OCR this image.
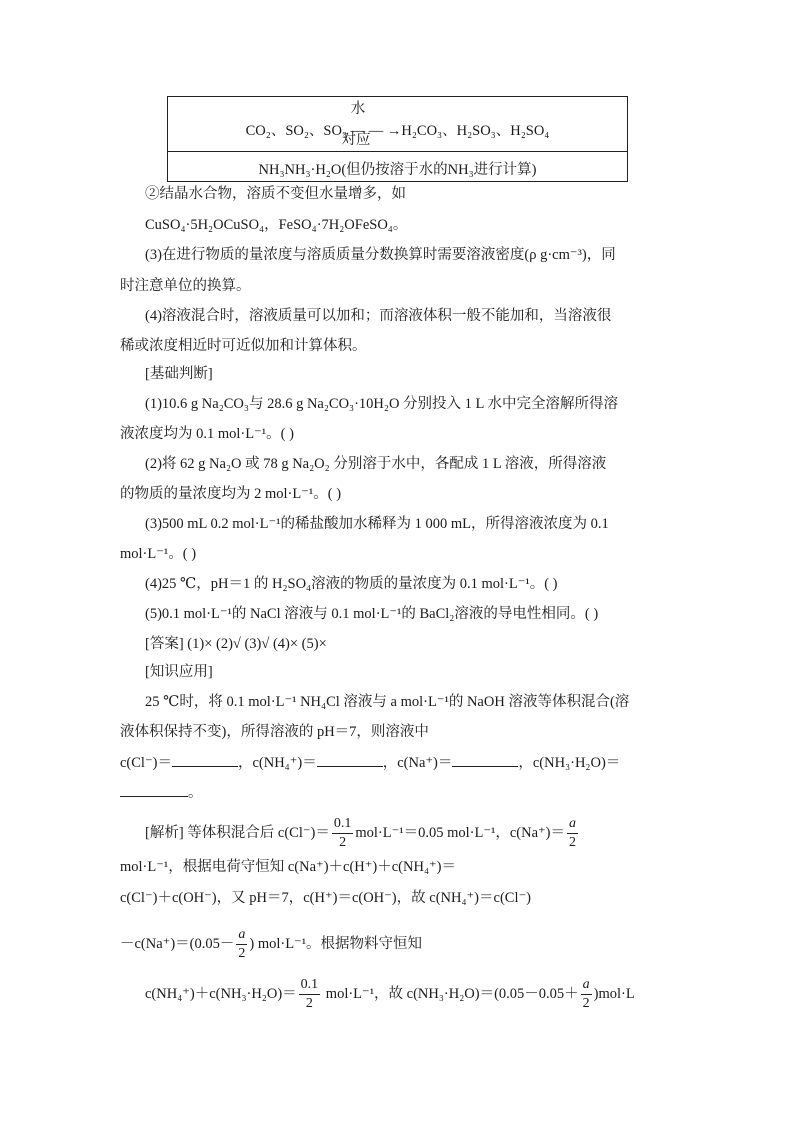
水
CO₂、SO₂、SO₃ — — →H₂CO₃、H₂SO₃、H₂SO₄
对应
NH₃NH₃·H₂O(但仍按溶于水的NH₃进行计算)
②结晶水合物，溶质不变但水量增多，如
CuSO₄·5H₂OCuSO₄，FeSO₄·7H₂OFeSO₄。
(3)在进行物质的量浓度与溶质质量分数换算时需要溶液密度(ρ g·cm⁻³)，同
时注意单位的换算。
(4)溶液混合时，溶液质量可以加和；而溶液体积一般不能加和，当溶液很
稀或浓度相近时可近似加和计算体积。
[基础判断]
(1)10.6 g Na₂CO₃与 28.6 g Na₂CO₃·10H₂O 分别投入 1 L 水中完全溶解所得溶
液浓度均为 0.1 mol·L⁻¹。( )
(2)将 62 g Na₂O 或 78 g Na₂O₂ 分别溶于水中，各配成 1 L 溶液，所得溶液
的物质的量浓度均为 2 mol·L⁻¹。( )
(3)500 mL 0.2 mol·L⁻¹的稀盐酸加水稀释为 1 000 mL，所得溶液浓度为 0.1
mol·L⁻¹。( )
(4)25 ℃，pH＝1 的 H₂SO₄溶液的物质的量浓度为 0.1 mol·L⁻¹。( )
(5)0.1 mol·L⁻¹的 NaCl 溶液与 0.1 mol·L⁻¹的 BaCl₂溶液的导电性相同。( )
[答案] (1)× (2)√ (3)√ (4)× (5)×
[知识应用]
25 ℃时，将 0.1 mol·L⁻¹ NH₄Cl 溶液与 a mol·L⁻¹的 NaOH 溶液等体积混合(溶
液体积保持不变)，所得溶液的 pH＝7，则溶液中
c(Cl⁻)＝	，c(NH₄⁺)＝	，c(Na⁺)＝	，c(NH₃·H₂O)＝
。
[解析] 等体积混合后 $c(Cl^-)= \frac{0.1}{2} mol\cdot L^{-1}=0.05$ mol·L⁻¹，$c(Na^+)= \frac{a}{2}$
mol·L⁻¹，根据电荷守恒知 c(Na⁺)＋c(H⁺)＋c(NH₄⁺)＝
c(Cl⁻)＋c(OH⁻)，又 pH＝7，c(H⁺)＝c(OH⁻)，故 c(NH₄⁺)＝c(Cl⁻)
$-c(Na^+)=(0.05- \frac{a}{2}$ ) mol·L⁻¹。根据物料守恒知
$c(NH_4^+)+c(NH_3\cdot H_2O)= \frac{0.1}{2} mol\cdot L^{-1}$，故 $c(NH_3\cdot H_2O)=(0.05-0.05+ \frac{a}{2} )mol\cdot L$
